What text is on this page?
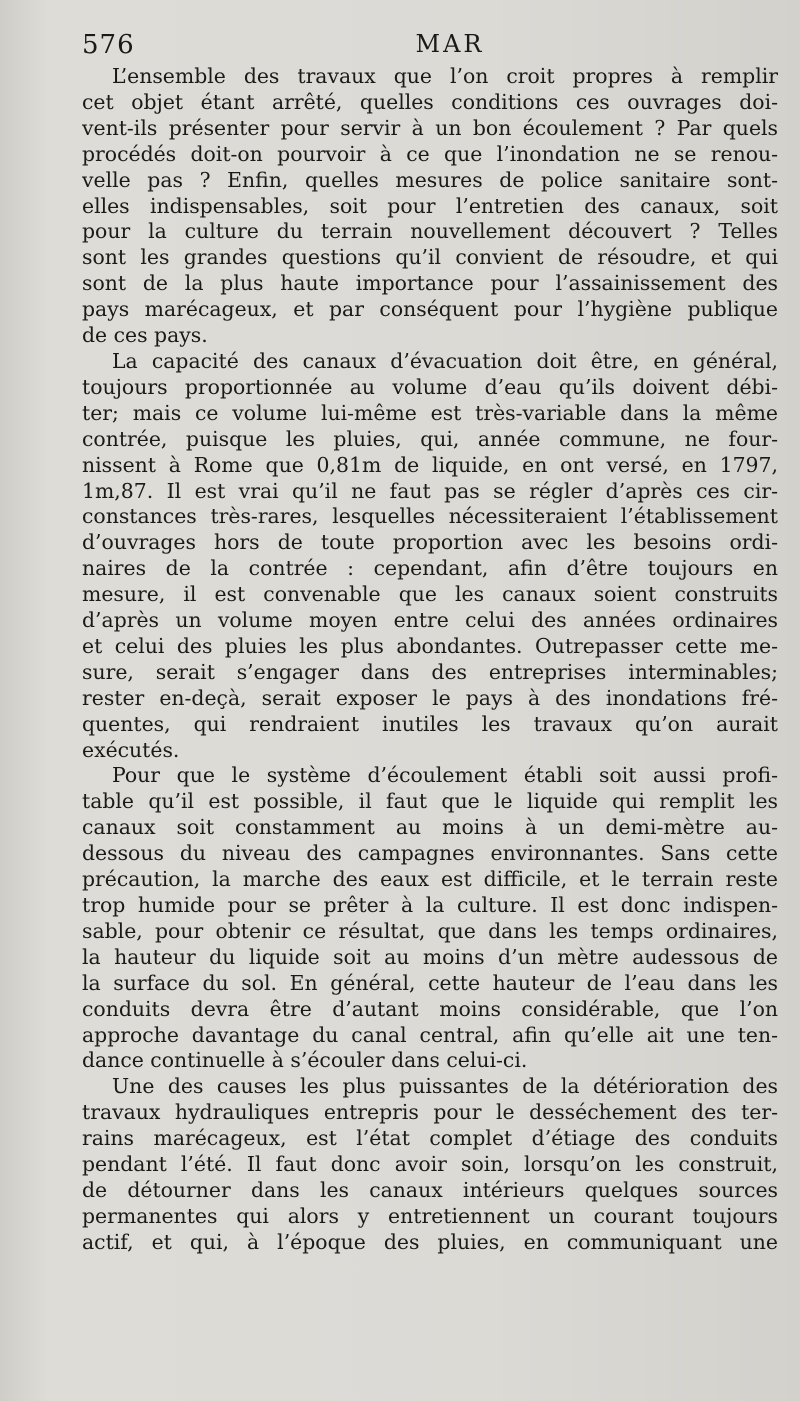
576	MAR
L’ensemble des travaux que l’on croit propres à remplir
cet objet étant arrêté, quelles conditions ces ouvrages doi-
vent-ils présenter pour servir à un bon écoulement ? Par quels
procédés doit-on pourvoir à ce que l’inondation ne se renou-
velle pas ? Enfin, quelles mesures de police sanitaire sont-
elles indispensables, soit pour l’entretien des canaux, soit
pour la culture du terrain nouvellement découvert ? Telles
sont les grandes questions qu’il convient de résoudre, et qui
sont de la plus haute importance pour l’assainissement des
pays marécageux, et par conséquent pour l’hygiène publique
de ces pays.
La capacité des canaux d’évacuation doit être, en général,
toujours proportionnée au volume d’eau qu’ils doivent débi-
ter; mais ce volume lui-même est très-variable dans la même
contrée, puisque les pluies, qui, année commune, ne four-
nissent à Rome que 0,81m de liquide, en ont versé, en 1797,
1m,87. Il est vrai qu’il ne faut pas se régler d’après ces cir-
constances très-rares, lesquelles nécessiteraient l’établissement
d’ouvrages hors de toute proportion avec les besoins ordi-
naires de la contrée : cependant, afin d’être toujours en
mesure, il est convenable que les canaux soient construits
d’après un volume moyen entre celui des années ordinaires
et celui des pluies les plus abondantes. Outrepasser cette me-
sure, serait s’engager dans des entreprises interminables;
rester en-deçà, serait exposer le pays à des inondations fré-
quentes, qui rendraient inutiles les travaux qu’on aurait
exécutés.
Pour que le système d’écoulement établi soit aussi profi-
table qu’il est possible, il faut que le liquide qui remplit les
canaux soit constamment au moins à un demi-mètre au-
dessous du niveau des campagnes environnantes. Sans cette
précaution, la marche des eaux est difficile, et le terrain reste
trop humide pour se prêter à la culture. Il est donc indispen-
sable, pour obtenir ce résultat, que dans les temps ordinaires,
la hauteur du liquide soit au moins d’un mètre audessous de
la surface du sol. En général, cette hauteur de l’eau dans les
conduits devra être d’autant moins considérable, que l’on
approche davantage du canal central, afin qu’elle ait une ten-
dance continuelle à s’écouler dans celui-ci.
Une des causes les plus puissantes de la détérioration des
travaux hydrauliques entrepris pour le desséchement des ter-
rains marécageux, est l’état complet d’étiage des conduits
pendant l’été. Il faut donc avoir soin, lorsqu’on les construit,
de détourner dans les canaux intérieurs quelques sources
permanentes qui alors y entretiennent un courant toujours
actif, et qui, à l’époque des pluies, en communiquant une
